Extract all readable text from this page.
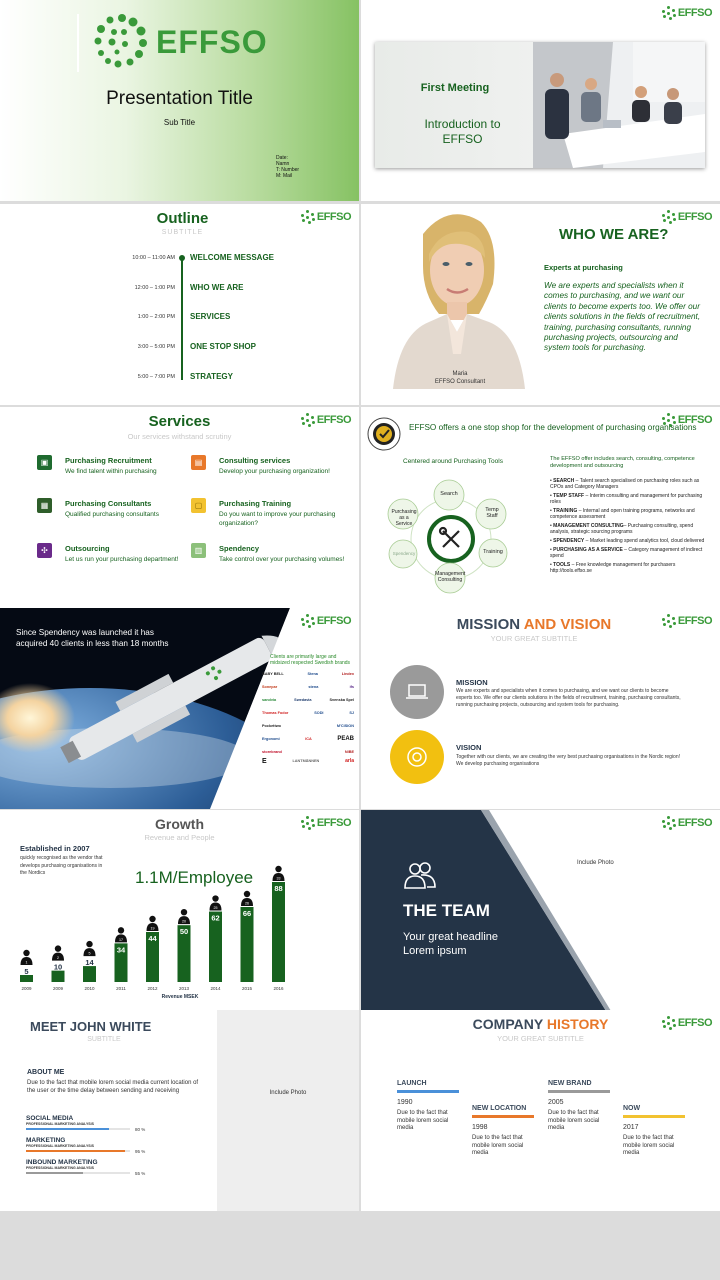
EFFSO
Presentation Title
Sub Title
Date:
Namn
T: Number
M: Mail
EFFSO
First Meeting
Introduction to
EFFSO
EFFSO
Outline
SUBTITLE
10:00 – 11:00 AM WELCOME MESSAGE
12:00 – 1:00 PM WHO WE ARE
1:00 – 2:00 PM SERVICES
3:00 – 5:00 PM ONE STOP SHOP
5:00 – 7:00 PM STRATEGY
EFFSO
Maria
EFFSO Consultant
WHO WE ARE?
Experts at purchasing
We are experts and specialists when it comes to purchasing, and we want our clients to become experts too. We offer our clients solutions in the fields of recruitment, training, purchasing consultants, running purchasing projects, outsourcing and system tools for purchasing.
EFFSO
Services
Our services withstand scrutiny
▣	Purchasing Recruitment
We find talent within purchasing
▤	Consulting services
Develop your purchasing organization!
▦	Purchasing Consultants
Qualified purchasing consultants
▢	Purchasing Training
Do you want to improve your purchasing organization?
✣	Outsourcing
Let us run your purchasing department!
▥	Spendency
Take control over your purchasing volumes!
EFFSO
EFFSO offers a one stop shop for the development of purchasing organisations
Centered around Purchasing Tools
Search
Temp Staff
Training
Management Consulting
Spendency
Purchasing as a Service
The EFFSO offer includes search, consulting, competence development and outsourcing
• SEARCH – Talent search specialised on purchasing roles such as CPOs and Category Managers
• TEMP STAFF – Interim consulting and management for purchasing roles
• TRAINING – Internal and open training programs, networks and competence assessment
• MANAGEMENT CONSULTING– Purchasing consulting, spend analysis, strategic sourcing programs
• SPENDENCY – Market leading spend analytics tool, cloud delivered
• PURCHASING AS A SERVICE – Category management of indirect spend
• TOOLS – Free knowledge management for purchasers http://tools.effso.se
EFFSO
Since Spendency was launched it has acquired 40 clients in less than 18 months
Clients are primarily large and midsized respected Swedish brands
BABY BELL	Stena	Lindex
Sonepar	stena	ifs
sandvia	Swedavia	Svenska Spel
Thomas Fodor	SODI	SJ
Pockettwo	M'CISION
Ergonomi	ICA	PEAB
storebrand	NIBE
E	LANTMÄNNEN	arla
EFFSO
MISSION AND VISION
YOUR GREAT SUBTITLE
MISSION
We are experts and specialists when it comes to purchasing, and we want our clients to become experts too. We offer our clients solutions in the fields of recruitment, training, purchasing consultants, running purchasing projects, outsourcing and system tools for purchasing.
VISION
Together with our clients, we are creating the very best purchasing organisations in the Nordic region! We develop purchasing organisations
EFFSO
Growth
Revenue and People
Established in 2007
quickly recognised as the vendor that develops purchasing organisations in the Nordics	1.1M/Employee
5
1
2009
10
2
2009
14
5
2010
34
17
2011
44
19
2012
50
20
2013
62
25
2014
66
26
2015
88
33
2016
Revenue MSEK
EFFSO
THE TEAM
Your great headline
Lorem ipsum
Include Photo
Include Photo
MEET JOHN WHITE
SUBTITLE
ABOUT ME
Due to the fact that mobile lorem social media current location of the user or the time delay between sending and receiving
SOCIAL MEDIA
PROFESSIONAL MARKETING ANALYSIS
80 %
MARKETING
PROFESSIONAL MARKETING ANALYSIS
95 %
INBOUND MARKETING
PROFESSIONAL MARKETING ANALYSIS
55 %
EFFSO
COMPANY HISTORY
YOUR GREAT SUBTITLE
LAUNCH
1990
Due to the fact that mobile lorem social media
NEW LOCATION
1998
Due to the fact that mobile lorem social media
NEW BRAND
2005
Due to the fact that mobile lorem social media
NOW
2017
Due to the fact that mobile lorem social media
